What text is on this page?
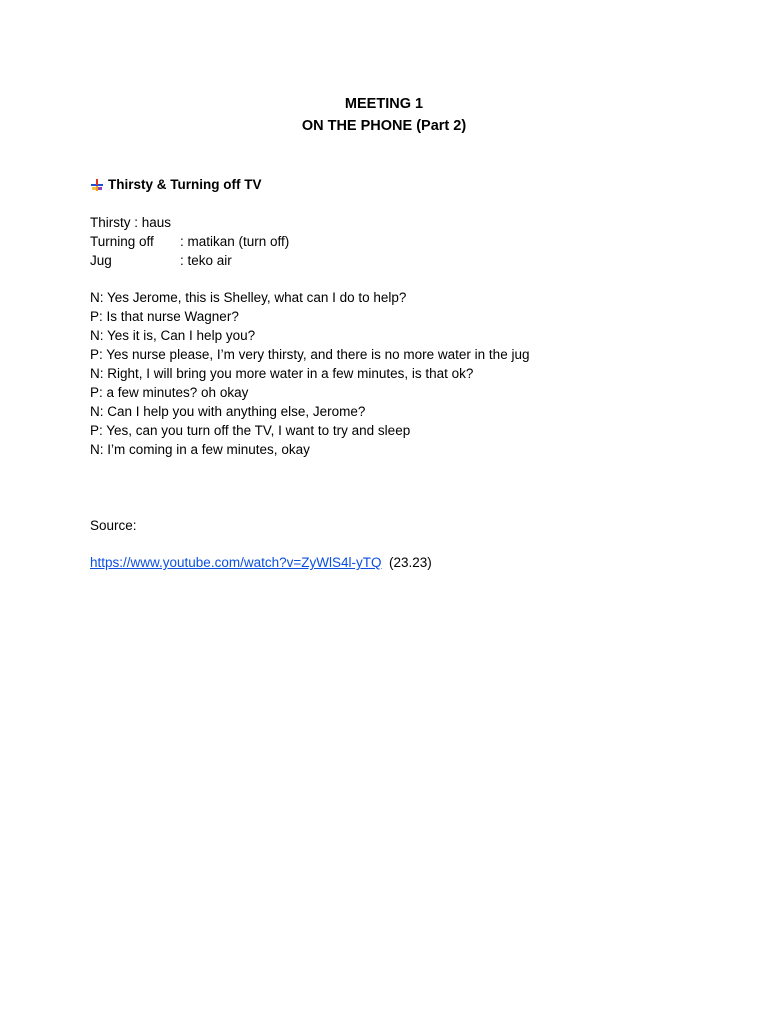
MEETING 1
ON THE PHONE (Part 2)
Thirsty & Turning off TV
Thirsty : haus
Turning off	: matikan (turn off)
Jug	: teko air
N: Yes Jerome, this is Shelley, what can I do to help?
P: Is that nurse Wagner?
N: Yes it is, Can I help you?
P: Yes nurse please, I’m very thirsty, and there is no more water in the jug
N: Right, I will bring you more water in a few minutes, is that ok?
P: a few minutes? oh okay
N: Can I help you with anything else, Jerome?
P: Yes, can you turn off the TV, I want to try and sleep
N: I’m coming in a few minutes, okay
Source:
https://www.youtube.com/watch?v=ZyWlS4l-yTQ (23.23)
